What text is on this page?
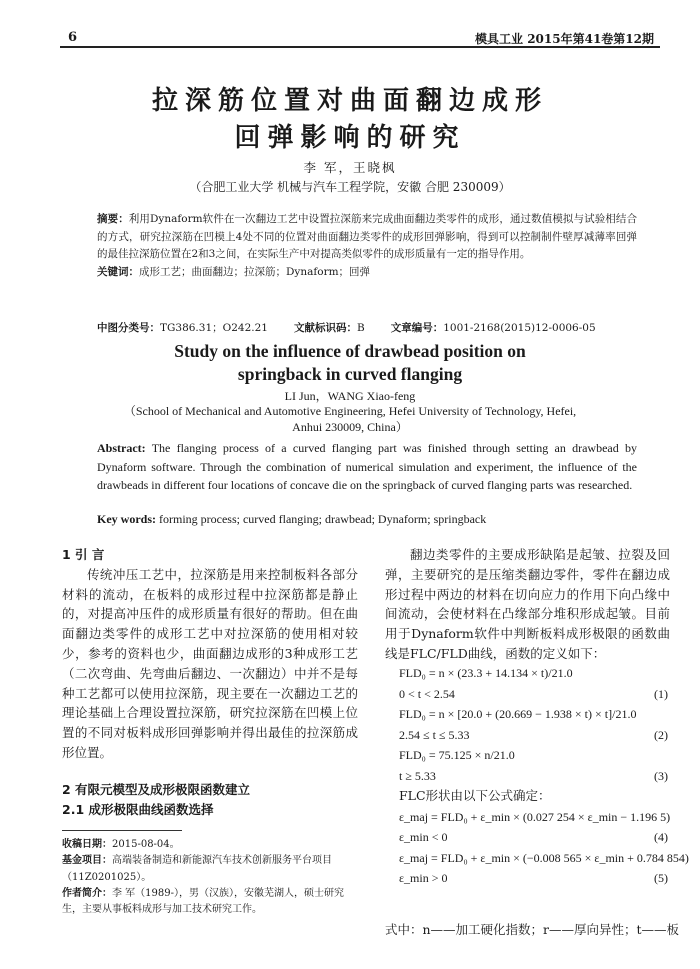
6	模具工业 2015年第41卷第12期
拉深筋位置对曲面翻边成形
回弹影响的研究
李 军，王晓枫
（合肥工业大学 机械与汽车工程学院，安徽 合肥 230009）
摘要：利用Dynaform软件在一次翻边工艺中设置拉深筋来完成曲面翻边类零件的成形，通过数值模拟与试验相结合的方式，研究拉深筋在凹模上4处不同的位置对曲面翻边类零件的成形回弹影响，得到可以控制制件壁厚减薄率回弹的最佳拉深筋位置在2和3之间，在实际生产中对提高类似零件的成形质量有一定的指导作用。
关键词：成形工艺；曲面翻边；拉深筋；Dynaform；回弹
中图分类号：TG386.31；O242.21 文献标识码：B 文章编号：1001-2168(2015)12-0006-05
Study on the influence of drawbead position on
springback in curved flanging
LI Jun，WANG Xiao-feng
（School of Mechanical and Automotive Engineering, Hefei University of Technology, Hefei,
Anhui 230009, China）
Abstract: The flanging process of a curved flanging part was finished through setting an drawbead by Dynaform software. Through the combination of numerical simulation and experiment, the influence of the drawbeads in different four locations of concave die on the springback of curved flanging parts was researched.
Key words: forming process; curved flanging; drawbead; Dynaform; springback
1 引 言
传统冲压工艺中，拉深筋是用来控制板料各部分材料的流动，在板料的成形过程中拉深筋都是静止的，对提高冲压件的成形质量有很好的帮助。但在曲面翻边类零件的成形工艺中对拉深筋的使用相对较少，参考的资料也少，曲面翻边成形的3种成形工艺（二次弯曲、先弯曲后翻边、一次翻边）中并不是每种工艺都可以使用拉深筋，现主要在一次翻边工艺的理论基础上合理设置拉深筋，研究拉深筋在凹模上位置的不同对板料成形回弹影响并得出最佳的拉深筋成形位置。
2 有限元模型及成形极限函数建立
2.1 成形极限曲线函数选择
收稿日期：2015-08-04。
基金项目：高端装备制造和新能源汽车技术创新服务平台项目（11Z0201025）。
作者简介：李 军（1989-），男（汉族），安徽芜湖人，硕士研究生，主要从事板料成形与加工技术研究工作。
翻边类零件的主要成形缺陷是起皱、拉裂及回弹，主要研究的是压缩类翻边零件，零件在翻边成形过程中两边的材料在切向应力的作用下向凸缘中间流动，会使材料在凸缘部分堆积形成起皱。目前用于Dynaform软件中判断板料成形极限的函数曲线是FLC/FLD曲线，函数的定义如下：
FLD₀ = n × (23.3 + 14.134 × t)/21.0
0 < t < 2.54	(1)
FLD₀ = n × [20.0 + (20.669 − 1.938 × t) × t]/21.0
2.54 ≤ t ≤ 5.33	(2)
FLD₀ = 75.125 × n/21.0
t ≥ 5.33	(3)
FLC形状由以下公式确定：
ε_maj = FLD₀ + ε_min × (0.027 254 × ε_min − 1.196 5)
ε_min < 0	(4)
ε_maj = FLD₀ + ε_min × (−0.008 565 × ε_min + 0.784 854)
ε_min > 0	(5)
式中：n——加工硬化指数；r——厚向异性；t——板
